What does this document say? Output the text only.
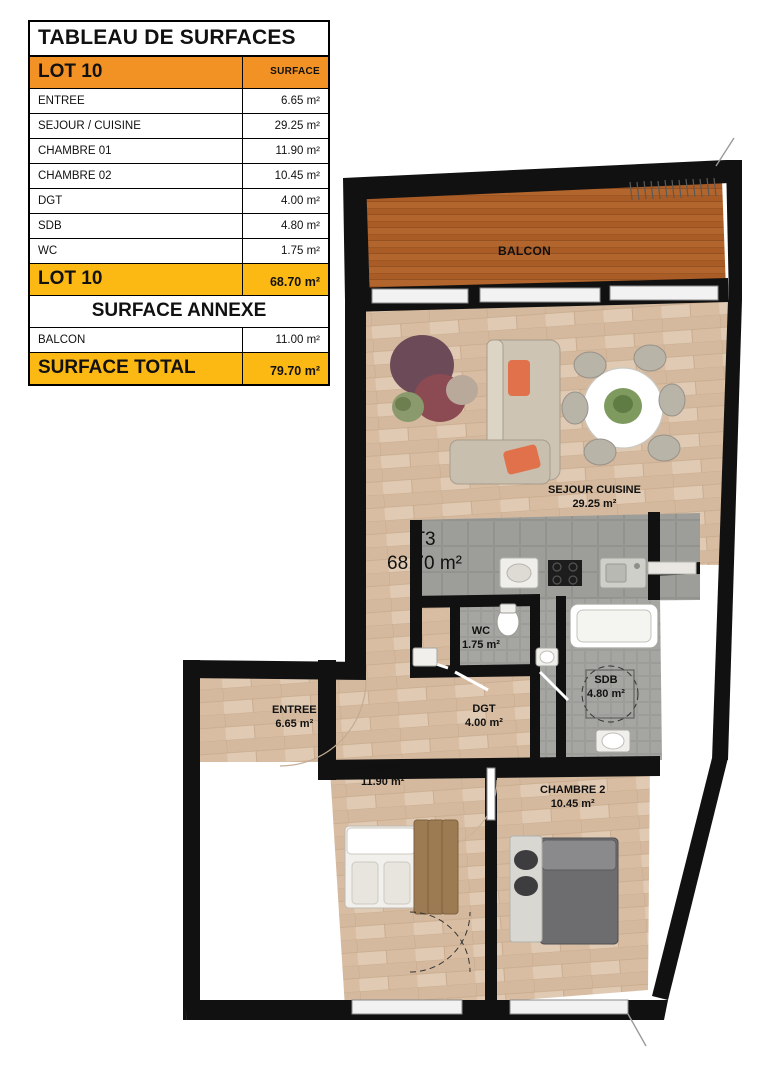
TABLEAU DE SURFACES
LOT 10	SURFACE
ENTREE	6.65 m²
SEJOUR / CUISINE	29.25 m²
CHAMBRE 01	11.90 m²
CHAMBRE 02	10.45 m²
DGT	4.00 m²
SDB	4.80 m²
WC	1.75 m²
LOT 10	68.70 m²
SURFACE ANNEXE
BALCON	11.00 m²
SURFACE TOTAL	79.70 m²
BALCON
SEJOUR CUISINE
29.25 m²
T3
68.70 m²
WC
1.75 m²
SDB
4.80 m²
DGT
4.00 m²
ENTREE
6.65 m²
CHAMBRE 1
11.90 m²
CHAMBRE 2
10.45 m²
